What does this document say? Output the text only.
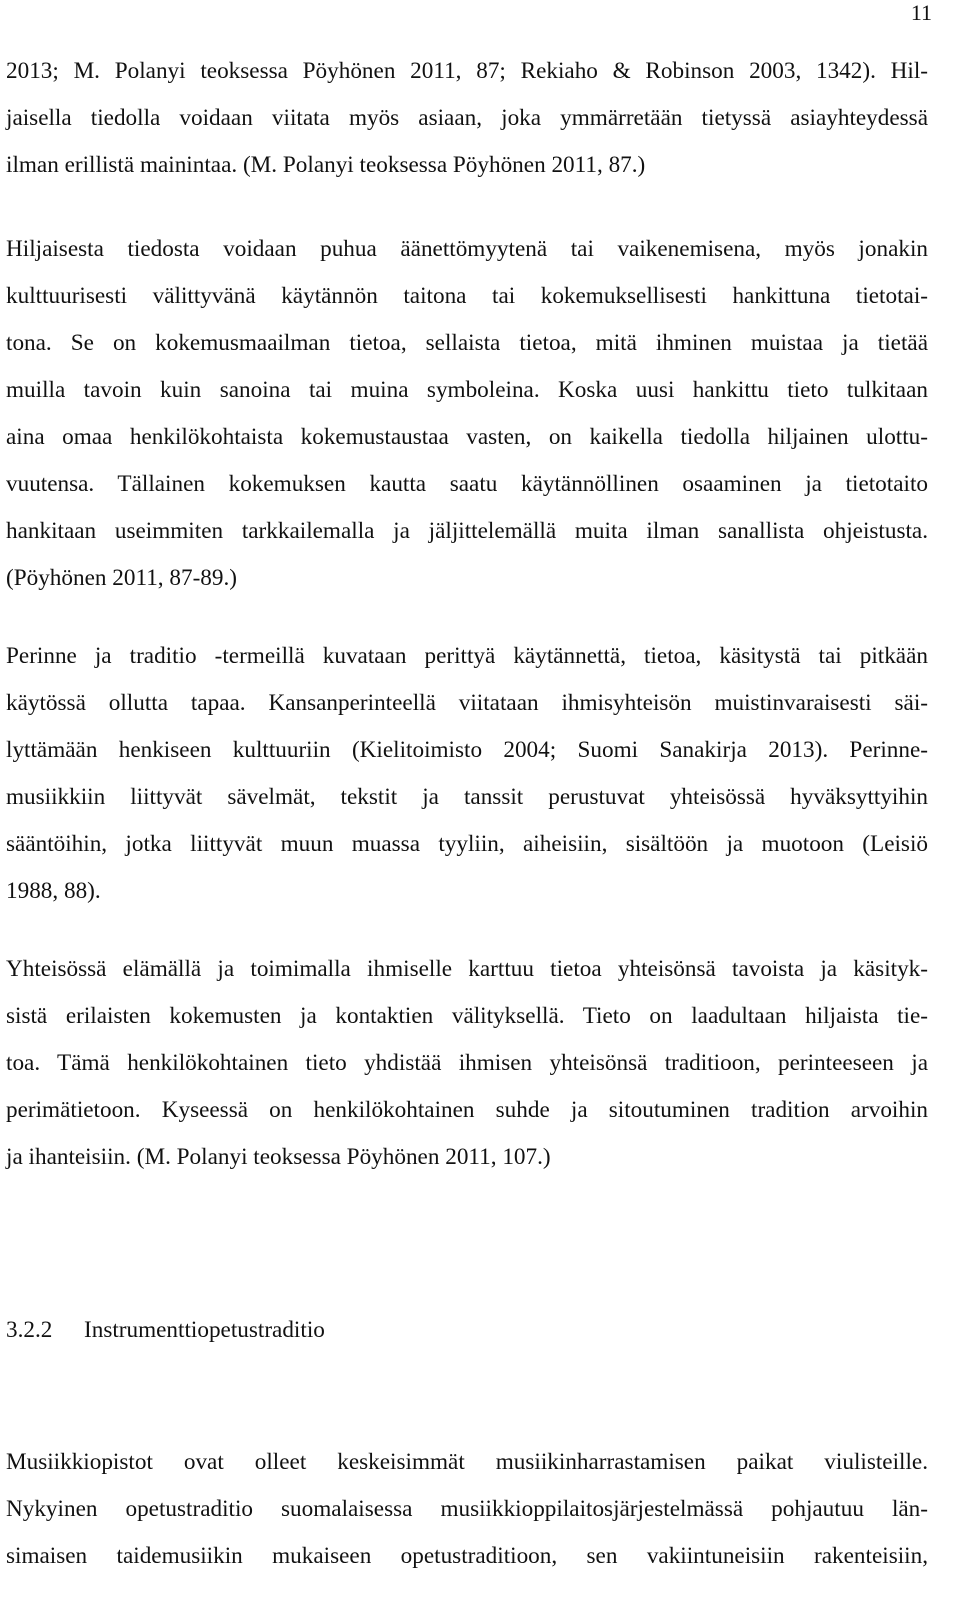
11
2013; M. Polanyi teoksessa Pöyhönen 2011, 87; Rekiaho & Robinson 2003, 1342). Hil-
jaisella tiedolla voidaan viitata myös asiaan, joka ymmärretään tietyssä asiayhteydessä
ilman erillistä mainintaa. (M. Polanyi teoksessa Pöyhönen 2011, 87.)
Hiljaisesta tiedosta voidaan puhua äänettömyytenä tai vaikenemisena, myös jonakin
kulttuurisesti välittyvänä käytännön taitona tai kokemuksellisesti hankittuna tietotai-
tona. Se on kokemusmaailman tietoa, sellaista tietoa, mitä ihminen muistaa ja tietää
muilla tavoin kuin sanoina tai muina symboleina. Koska uusi hankittu tieto tulkitaan
aina omaa henkilökohtaista kokemustaustaa vasten, on kaikella tiedolla hiljainen ulottu-
vuutensa. Tällainen kokemuksen kautta saatu käytännöllinen osaaminen ja tietotaito
hankitaan useimmiten tarkkailemalla ja jäljittelemällä muita ilman sanallista ohjeistusta.
(Pöyhönen 2011, 87-89.)
Perinne ja traditio -termeillä kuvataan perittyä käytännettä, tietoa, käsitystä tai pitkään
käytössä ollutta tapaa. Kansanperinteellä viitataan ihmisyhteisön muistinvaraisesti säi-
lyttämään henkiseen kulttuuriin (Kielitoimisto 2004; Suomi Sanakirja 2013). Perinne-
musiikkiin liittyvät sävelmät, tekstit ja tanssit perustuvat yhteisössä hyväksyttyihin
sääntöihin, jotka liittyvät muun muassa tyyliin, aiheisiin, sisältöön ja muotoon (Leisiö
1988, 88).
Yhteisössä elämällä ja toimimalla ihmiselle karttuu tietoa yhteisönsä tavoista ja käsityk-
sistä erilaisten kokemusten ja kontaktien välityksellä. Tieto on laadultaan hiljaista tie-
toa. Tämä henkilökohtainen tieto yhdistää ihmisen yhteisönsä traditioon, perinteeseen ja
perimätietoon. Kyseessä on henkilökohtainen suhde ja sitoutuminen tradition arvoihin
ja ihanteisiin. (M. Polanyi teoksessa Pöyhönen 2011, 107.)
3.2.2 Instrumenttiopetustraditio
Musiikkiopistot ovat olleet keskeisimmät musiikinharrastamisen paikat viulisteille.
Nykyinen opetustraditio suomalaisessa musiikkioppilaitosjärjestelmässä pohjautuu län-
simaisen taidemusiikin mukaiseen opetustraditioon, sen vakiintuneisiin rakenteisiin,
